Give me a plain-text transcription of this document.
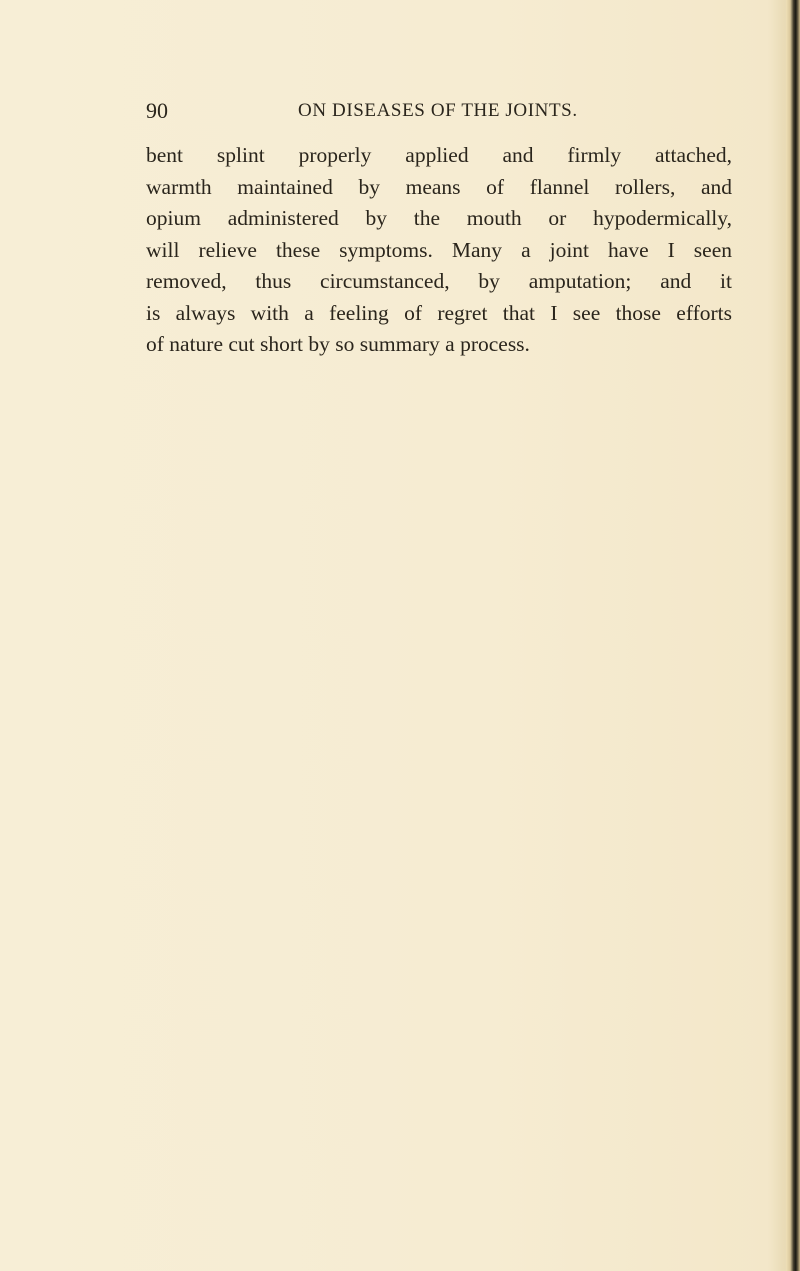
90	ON DISEASES OF THE JOINTS.
bent splint properly applied and firmly attached,
warmth maintained by means of flannel rollers, and
opium administered by the mouth or hypodermically,
will relieve these symptoms. Many a joint have I seen
removed, thus circumstanced, by amputation; and it
is always with a feeling of regret that I see those efforts
of nature cut short by so summary a process.
